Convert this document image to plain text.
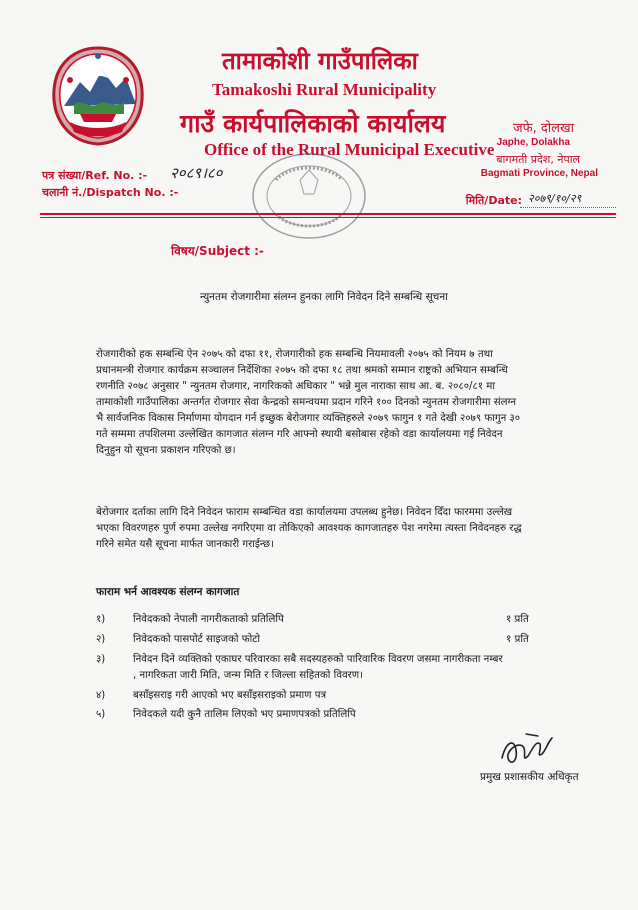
तामाकोशी गाउँपालिका
Tamakoshi Rural Municipality
गाउँ कार्यपालिकाको कार्यालय
Office of the Rural Municipal Executive
जफे, दोलखा
Japhe, Dolakha
बागमती प्रदेश, नेपाल
Bagmati Province, Nepal
पत्र संख्या/Ref. No. :- २०८९।८०
चलानी नं./Dispatch No. :-
मिति/Date: २०७९/१०/२९
विषय/Subject :-
न्युनतम रोजगारीमा संलग्न हुनका लागि निवेदन दिने सम्बन्धि सूचना

रोजगारीको हक सम्बन्धि ऐन २०७५ को दफा ११, रोजगारीको हक सम्बन्धि नियमावली २०७५ को नियम ७ तथा

प्रधानमन्त्री रोजगार कार्यक्रम सञ्चालन निर्देशिका २०७५ को दफा १८ तथा श्रमको सम्मान राष्ट्रको अभियान सम्बन्धि

रणनीति २०७८ अनुसार " न्युनतम रोजगार, नागरिकको अधिकार " भन्ने मुल नाराका साथ आ. ब. २०८०/८१ मा

तामाकोशी गाउँपालिका अन्तर्गत रोजगार सेवा केन्द्रको समन्वयमा प्रदान गरिने १०० दिनको न्युनतम रोजगारीमा संलग्न

भै सार्वजनिक विकास निर्माणमा योगदान गर्न इच्छुक बेरोजगार व्यक्तिहरुले २०७९ फागुन १ गते देखी २०७९ फागुन ३०

गते सम्ममा तपशिलमा उल्लेखित कागजात संलग्न गरि आफ्नो स्थायी बसोबास रहेको वडा कार्यालयमा गई निवेदन

दिनुहुन यो सूचना प्रकाशन गरिएको छ।

बेरोजगार दर्ताका लागि दिने निवेदन फाराम सम्बन्धित वडा कार्यालयमा उपलब्ध हुनेछ। निवेदन दिँदा फारममा उल्लेख

भएका विवरणहरु पुर्ण रुपमा उल्लेख नगरिएमा वा तोकिएको आवश्यक कागजातहरु पेश नगरेमा त्यस्ता निवेदनहरु रद्ध

गरिने समेत यसै सूचना मार्फत जानकारी गराईन्छ।

फाराम भर्न आवश्यक संलग्न कागजात
१)	निवेदकको नेपाली नागरीकताको प्रतिलिपि	१ प्रति
२)	निवेदकको पासपोर्ट साइजको फोटो	१ प्रति
३)	निवेदन दिने व्यक्तिको एकाघर परिवारका सबै सदस्यहरुको पारिवारिक विवरण जसमा नागरीकता नम्बर
, नागरिकता जारी मिति, जन्म मिति र जिल्ला सहितको विवरण।
४)	बसाँइसराइ गरी आएको भए बसाँइसराइको प्रमाण पत्र
५)	निवेदकले यदी कुनै तालिम लिएको भए प्रमाणपत्रको प्रतिलिपि
प्रमुख प्रशासकीय अधिकृत
